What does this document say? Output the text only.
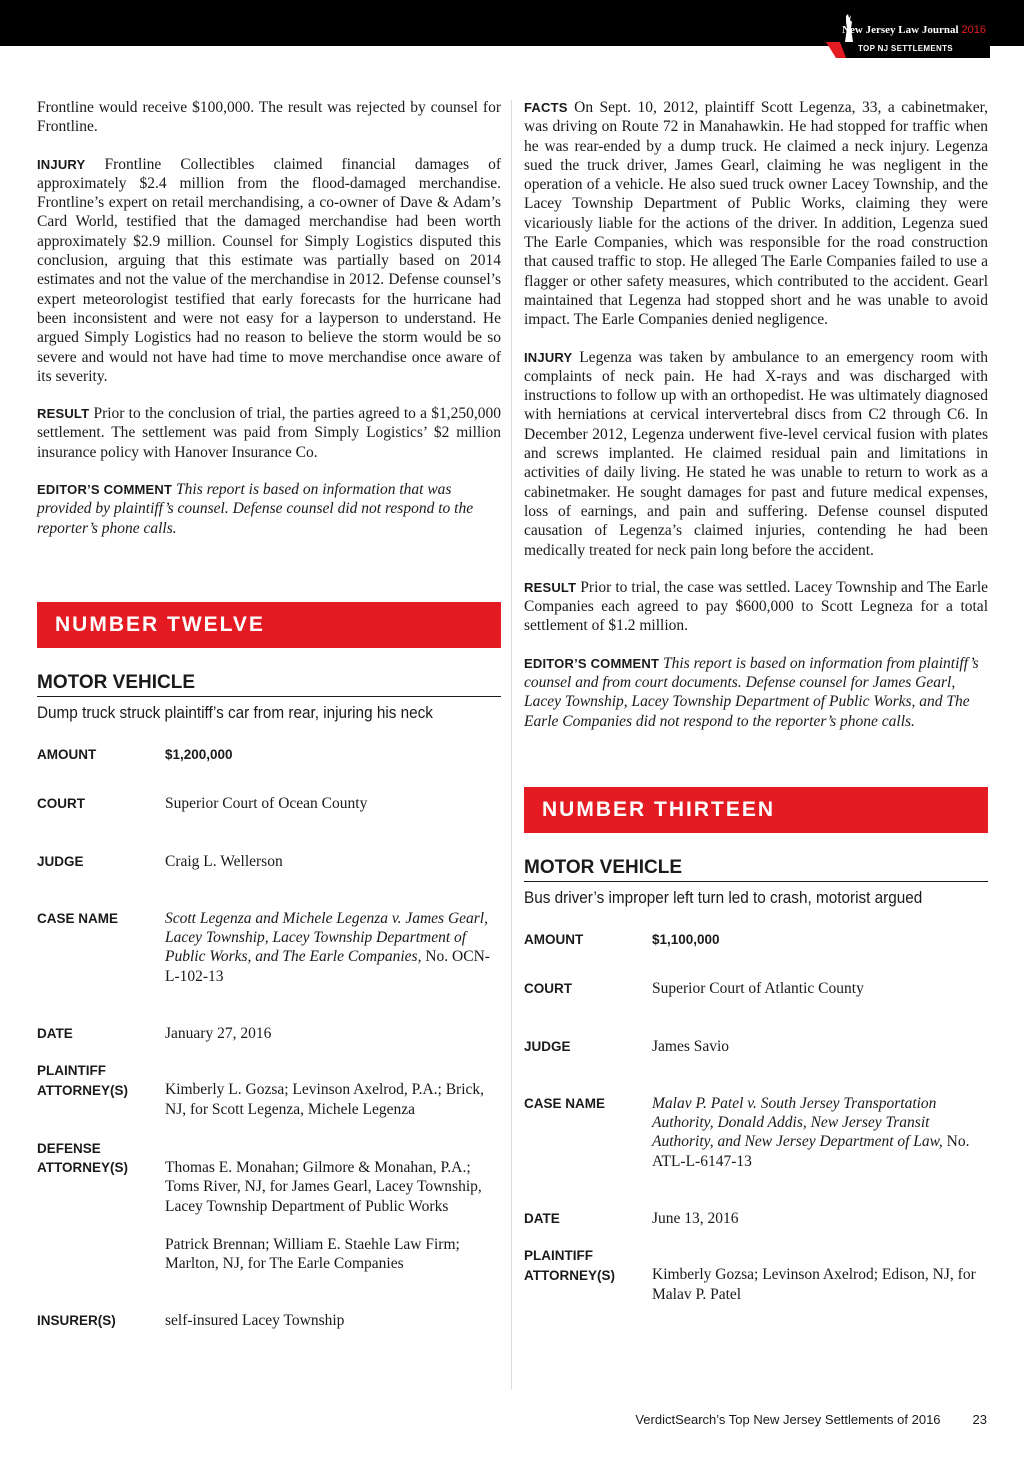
New Jersey Law Journal 2016
TOP NJ SETTLEMENTS

Frontline would receive $100,000. The result was rejected by counsel for Frontline.

INJURY Frontline Collectibles claimed financial damages of approximately $2.4 million from the flood-damaged merchandise. Frontline’s expert on retail merchandising, a co-owner of Dave & Adam’s Card World, testified that the damaged merchandise had been worth approximately $2.9 million. Counsel for Simply Logistics disputed this conclusion, arguing that this estimate was partially based on 2014 estimates and not the value of the merchandise in 2012. Defense counsel’s expert meteorologist testified that early forecasts for the hurricane had been inconsistent and were not easy for a layperson to understand. He argued Simply Logistics had no reason to believe the storm would be so severe and would not have had time to move merchandise once aware of its severity.

RESULT Prior to the conclusion of trial, the parties agreed to a $1,250,000 settlement. The settlement was paid from Simply Logistics’ $2 million insurance policy with Hanover Insurance Co.

EDITOR’S COMMENT This report is based on information that was provided by plaintiff’s counsel. Defense counsel did not respond to the reporter’s phone calls.

NUMBER TWELVE
MOTOR VEHICLE
Dump truck struck plaintiff’s car from rear, injuring his neck
AMOUNT	$1,200,000
COURT	Superior Court of Ocean County
JUDGE	Craig L. Wellerson
CASE NAME	Scott Legenza and Michele Legenza v. James Gearl, Lacey Township, Lacey Township Department of Public Works, and The Earle Companies, No. OCN-L-102-13
DATE	January 27, 2016
PLAINTIFF
ATTORNEY(S)	Kimberly L. Gozsa; Levinson Axelrod, P.A.; Brick, NJ, for Scott Legenza, Michele Legenza
DEFENSE
ATTORNEY(S)	Thomas E. Monahan; Gilmore & Monahan, P.A.; Toms River, NJ, for James Gearl, Lacey Township, Lacey Township Department of Public Works
Patrick Brennan; William E. Staehle Law Firm; Marlton, NJ, for The Earle Companies
INSURER(S)	self-insured Lacey Township

FACTS On Sept. 10, 2012, plaintiff Scott Legenza, 33, a cabinetmaker, was driving on Route 72 in Manahawkin. He had stopped for traffic when he was rear-ended by a dump truck. He claimed a neck injury. Legenza sued the truck driver, James Gearl, claiming he was negligent in the operation of a vehicle. He also sued truck owner Lacey Township, and the Lacey Township Department of Public Works, claiming they were vicariously liable for the actions of the driver. In addition, Legenza sued The Earle Companies, which was responsible for the road construction that caused traffic to stop. He alleged The Earle Companies failed to use a flagger or other safety measures, which contributed to the accident. Gearl maintained that Legenza had stopped short and he was unable to avoid impact. The Earle Companies denied negligence.

INJURY Legenza was taken by ambulance to an emergency room with complaints of neck pain. He had X-rays and was discharged with instructions to follow up with an orthopedist. He was ultimately diagnosed with herniations at cervical intervertebral discs from C2 through C6. In December 2012, Legenza underwent five-level cervical fusion with plates and screws implanted. He claimed residual pain and limitations in activities of daily living. He stated he was unable to return to work as a cabinetmaker. He sought damages for past and future medical expenses, loss of earnings, and pain and suffering. Defense counsel disputed causation of Legenza’s claimed injuries, contending he had been medically treated for neck pain long before the accident.

RESULT Prior to trial, the case was settled. Lacey Township and The Earle Companies each agreed to pay $600,000 to Scott Legneza for a total settlement of $1.2 million.

EDITOR’S COMMENT This report is based on information from plaintiff’s counsel and from court documents. Defense counsel for James Gearl, Lacey Township, Lacey Township Department of Public Works, and The Earle Companies did not respond to the reporter’s phone calls.

NUMBER THIRTEEN
MOTOR VEHICLE
Bus driver’s improper left turn led to crash, motorist argued
AMOUNT	$1,100,000
COURT	Superior Court of Atlantic County
JUDGE	James Savio
CASE NAME	Malav P. Patel v. South Jersey Transportation Authority, Donald Addis, New Jersey Transit Authority, and New Jersey Department of Law, No. ATL-L-6147-13
DATE	June 13, 2016
PLAINTIFF
ATTORNEY(S)	Kimberly Gozsa; Levinson Axelrod; Edison, NJ, for Malav P. Patel
VerdictSearch’s Top New Jersey Settlements of 2016 23
